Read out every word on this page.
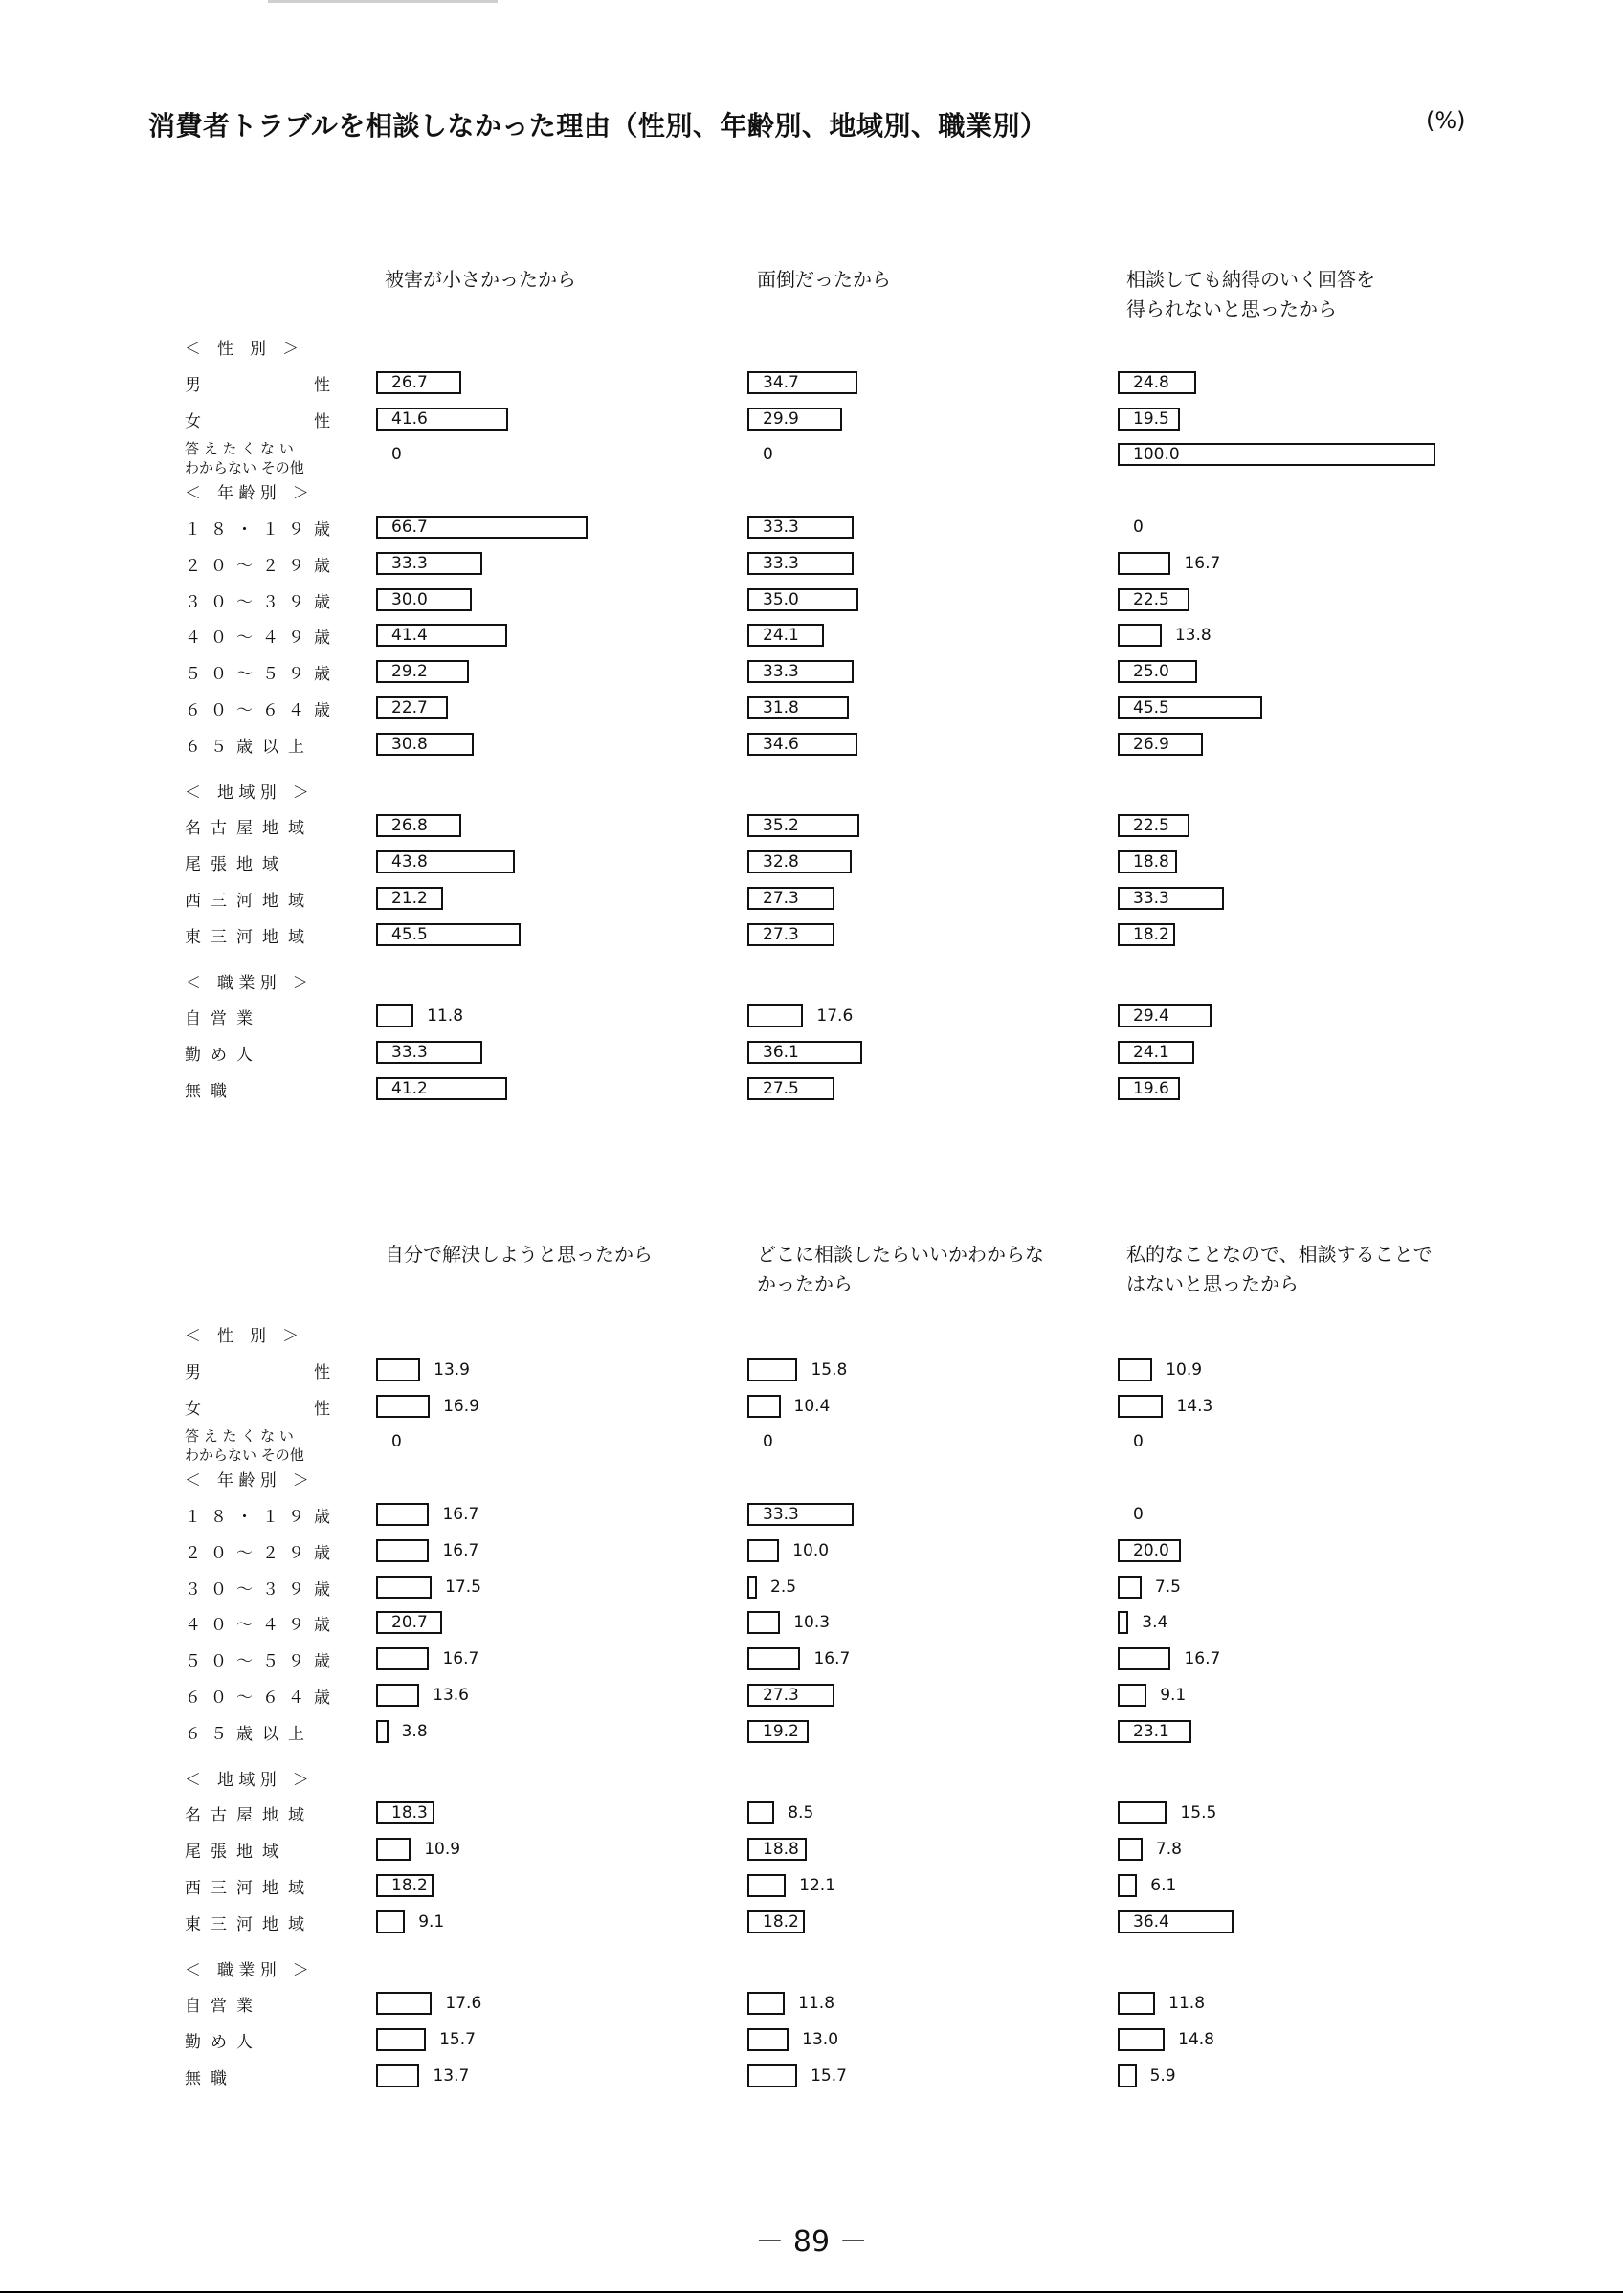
消費者トラブルを相談しなかった理由（性別、年齢別、地域別、職業別）	(%)
＜　性　別　＞
男　　　　性
女　　　　性
答 え た く な い
わからない その他
＜　年 齢 別　＞
１８・１９歳
２０～２９歳
３０～３９歳
４０～４９歳
５０～５９歳
６０～６４歳
６５歳以上
＜　地 域 別　＞
名古屋地域
尾張地域
西三河地域
東三河地域
＜　職 業 別　＞
自営業
勤め人
無職
＜　性　別　＞
男　　　　性
女　　　　性
答 え た く な い
わからない その他
＜　年 齢 別　＞
１８・１９歳
２０～２９歳
３０～３９歳
４０～４９歳
５０～５９歳
６０～６４歳
６５歳以上
＜　地 域 別　＞
名古屋地域
尾張地域
西三河地域
東三河地域
＜　職 業 別　＞
自営業
勤め人
無職
被害が小さかったから
26.7
41.6
0
66.7
33.3
30.0
41.4
29.2
22.7
30.8
26.8
43.8
21.2
45.5
11.8
33.3
41.2
面倒だったから
34.7
29.9
0
33.3
33.3
35.0
24.1
33.3
31.8
34.6
35.2
32.8
27.3
27.3
17.6
36.1
27.5
相談しても納得のいく回答を
得られないと思ったから
24.8
19.5
100.0
0
16.7
22.5
13.8
25.0
45.5
26.9
22.5
18.8
33.3
18.2
29.4
24.1
19.6
自分で解決しようと思ったから
13.9
16.9
0
16.7
16.7
17.5
20.7
16.7
13.6
3.8
18.3
10.9
18.2
9.1
17.6
15.7
13.7
どこに相談したらいいかわからな
かったから
15.8
10.4
0
33.3
10.0
2.5
10.3
16.7
27.3
19.2
8.5
18.8
12.1
18.2
11.8
13.0
15.7
私的なことなので、相談することで
はないと思ったから
10.9
14.3
0
0
20.0
7.5
3.4
16.7
9.1
23.1
15.5
7.8
6.1
36.4
11.8
14.8
5.9
－ 89 －
